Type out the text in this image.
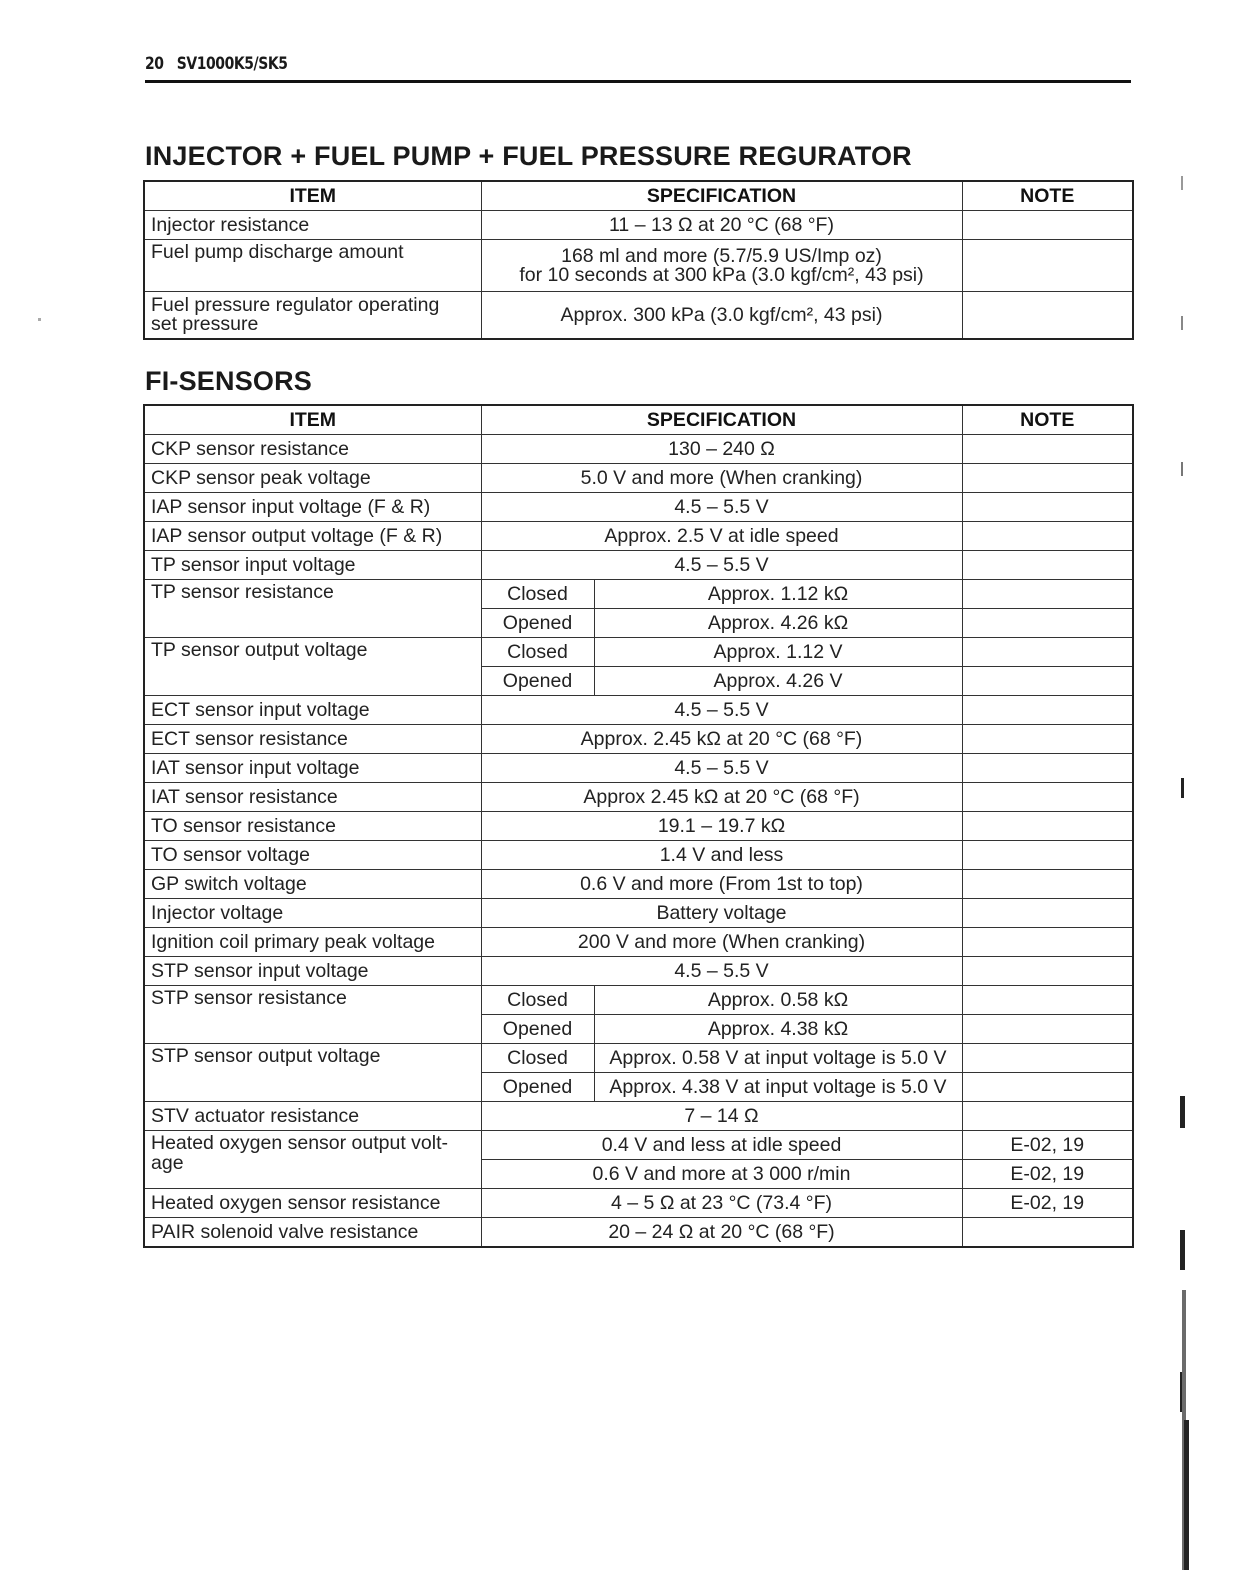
20 SV1000K5/SK5
INJECTOR + FUEL PUMP + FUEL PRESSURE REGURATOR
ITEM	SPECIFICATION	NOTE
Injector resistance	11 – 13 Ω at 20 °C (68 °F)	
Fuel pump discharge amount	168 ml and more (5.7/5.9 US/Imp oz)
for 10 seconds at 300 kPa (3.0 kgf/cm², 43 psi)	

Fuel pressure regulator operating
set pressure	Approx. 300 kPa (3.0 kgf/cm², 43 psi)	
FI-SENSORS
ITEM	SPECIFICATION		NOTE
CKP sensor resistance	130 – 240 Ω		
CKP sensor peak voltage	5.0 V and more (When cranking)		
IAP sensor input voltage (F & R)	4.5 – 5.5 V		
IAP sensor output voltage (F & R)	Approx. 2.5 V at idle speed		
TP sensor input voltage	4.5 – 5.5 V		
TP sensor resistance	Closed	Approx. 1.12 kΩ	
	Opened	Approx. 4.26 kΩ	
TP sensor output voltage	Closed	Approx. 1.12 V	
	Opened	Approx. 4.26 V	
ECT sensor input voltage	4.5 – 5.5 V		
ECT sensor resistance	Approx. 2.45 kΩ at 20 °C (68 °F)		
IAT sensor input voltage	4.5 – 5.5 V		
IAT sensor resistance	Approx 2.45 kΩ at 20 °C (68 °F)		
TO sensor resistance	19.1 – 19.7 kΩ		
TO sensor voltage	1.4 V and less		
GP switch voltage	0.6 V and more (From 1st to top)		
Injector voltage	Battery voltage		
Ignition coil primary peak voltage	200 V and more (When cranking)		
STP sensor input voltage	4.5 – 5.5 V		
STP sensor resistance	Closed	Approx. 0.58 kΩ	
	Opened	Approx. 4.38 kΩ	
STP sensor output voltage	Closed	Approx. 0.58 V at input voltage is 5.0 V	
	Opened	Approx. 4.38 V at input voltage is 5.0 V	
STV actuator resistance	7 – 14 Ω		

Heated oxygen sensor output volt-
age	0.4 V and less at idle speed		E-02, 19
	0.6 V and more at 3 000 r/min		E-02, 19
Heated oxygen sensor resistance	4 – 5 Ω at 23 °C (73.4 °F)		E-02, 19
PAIR solenoid valve resistance	20 – 24 Ω at 20 °C (68 °F)		
